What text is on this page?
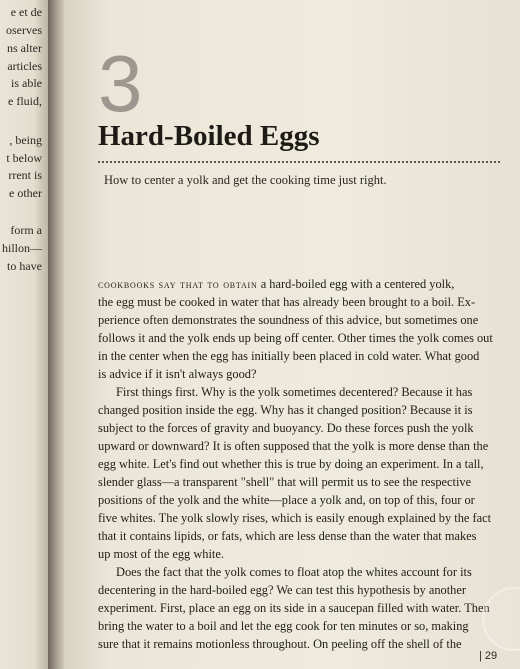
e et de
oserves
ns alter
articles
is able
e fluid,
, being
t below
rrent is
e other
form a
hillon—
to have
3
Hard-Boiled Eggs
How to center a yolk and get the cooking time just right.
cookbooks say that to obtain a hard-boiled egg with a centered yolk,
the egg must be cooked in water that has already been brought to a boil. Ex-
perience often demonstrates the soundness of this advice, but sometimes one
follows it and the yolk ends up being off center. Other times the yolk comes out
in the center when the egg has initially been placed in cold water. What good
is advice if it isn't always good?
First things first. Why is the yolk sometimes decentered? Because it has
changed position inside the egg. Why has it changed position? Because it is
subject to the forces of gravity and buoyancy. Do these forces push the yolk
upward or downward? It is often supposed that the yolk is more dense than the
egg white. Let's find out whether this is true by doing an experiment. In a tall,
slender glass—a transparent "shell" that will permit us to see the respective
positions of the yolk and the white—place a yolk and, on top of this, four or
five whites. The yolk slowly rises, which is easily enough explained by the fact
that it contains lipids, or fats, which are less dense than the water that makes
up most of the egg white.
Does the fact that the yolk comes to float atop the whites account for its
decentering in the hard-boiled egg? We can test this hypothesis by another
experiment. First, place an egg on its side in a saucepan filled with water. Then
bring the water to a boil and let the egg cook for ten minutes or so, making
sure that it remains motionless throughout. On peeling off the shell of the
| 29
